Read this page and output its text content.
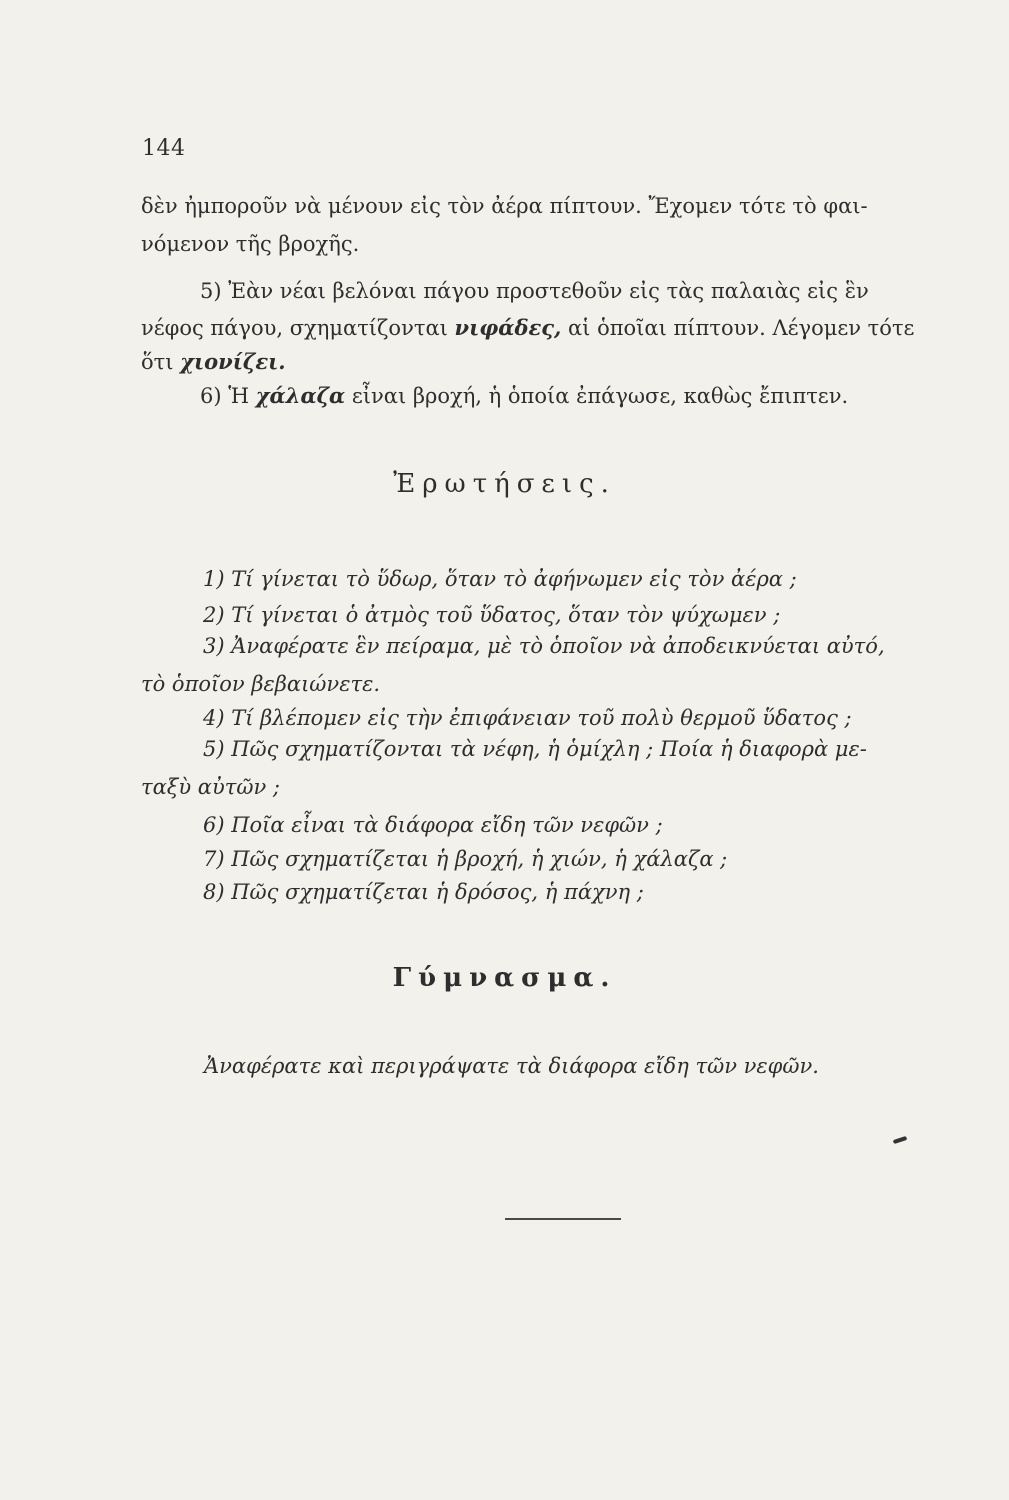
144
δὲν ἠμποροῦν νὰ μένουν εἰς τὸν ἀέρα πίπτουν. Ἔχομεν τότε τὸ φαι-
νόμενον τῆς βροχῆς.
5) Ἐὰν νέαι βελόναι πάγου προστεθοῦν εἰς τὰς παλαιὰς εἰς ἓν
νέφος πάγου, σχηματίζονται νιφάδες, αἱ ὁποῖαι πίπτουν. Λέγομεν τότε
ὅτι χιονίζει.
6) Ἡ χάλαζα εἶναι βροχή, ἡ ὁποία ἐπάγωσε, καθὼς ἔπιπτεν.
Ἐρωτήσεις.
1) Τί γίνεται τὸ ὕδωρ, ὅταν τὸ ἀφήνωμεν εἰς τὸν ἀέρα ;
2) Τί γίνεται ὁ ἀτμὸς τοῦ ὕδατος, ὅταν τὸν ψύχωμεν ;
3) Ἀναφέρατε ἓν πείραμα, μὲ τὸ ὁποῖον νὰ ἀποδεικνύεται αὐτό,
τὸ ὁποῖον βεβαιώνετε.
4) Τί βλέπομεν εἰς τὴν ἐπιφάνειαν τοῦ πολὺ θερμοῦ ὕδατος ;
5) Πῶς σχηματίζονται τὰ νέφη, ἡ ὁμίχλη ; Ποία ἡ διαφορὰ με-
ταξὺ αὐτῶν ;
6) Ποῖα εἶναι τὰ διάφορα εἴδη τῶν νεφῶν ;
7) Πῶς σχηματίζεται ἡ βροχή, ἡ χιών, ἡ χάλαζα ;
8) Πῶς σχηματίζεται ἡ δρόσος, ἡ πάχνη ;
Γύμνασμα.
Ἀναφέρατε καὶ περιγράψατε τὰ διάφορα εἴδη τῶν νεφῶν.
